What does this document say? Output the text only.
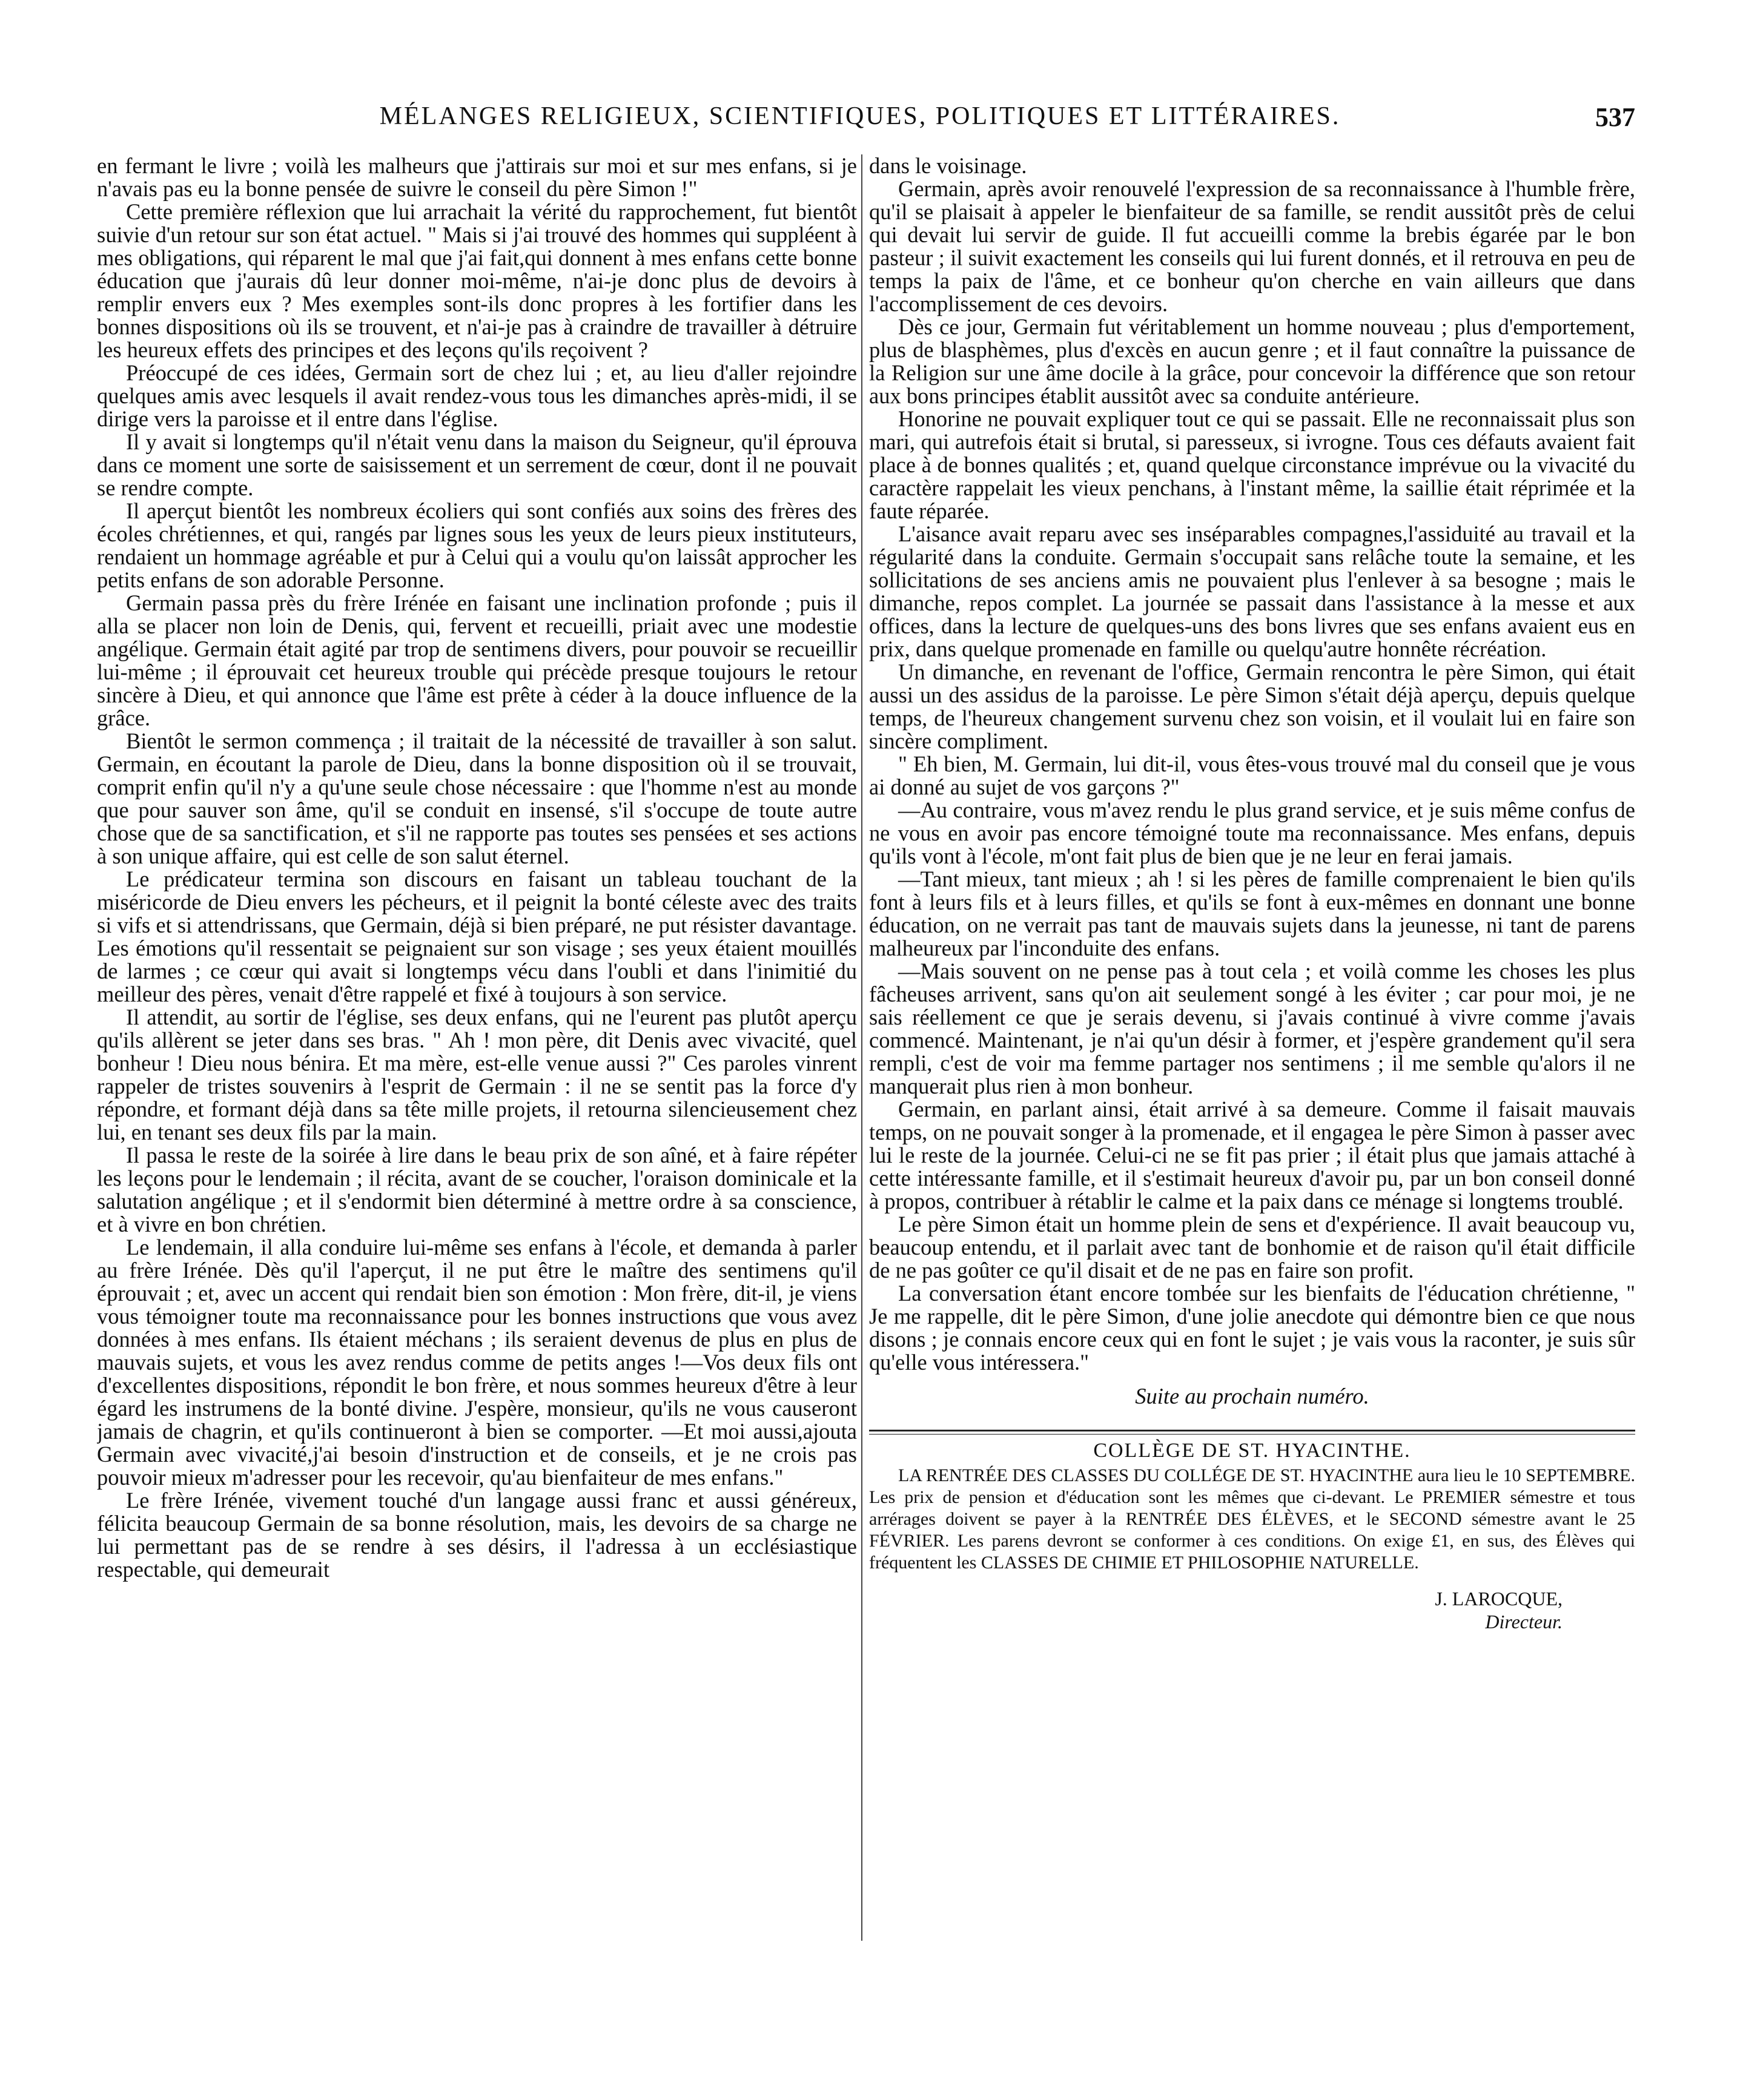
MÉLANGES RELIGIEUX, SCIENTIFIQUES, POLITIQUES ET LITTÉRAIRES.	537

en fermant le livre ; voilà les malheurs que j'attirais sur moi et sur mes enfans, si je n'avais pas eu la bonne pensée de suivre le conseil du père Simon !"

Cette première réflexion que lui arrachait la vérité du rapprochement, fut bientôt suivie d'un retour sur son état actuel. " Mais si j'ai trouvé des hommes qui suppléent à mes obligations, qui réparent le mal que j'ai fait,qui donnent à mes enfans cette bonne éducation que j'aurais dû leur donner moi-même, n'ai-je donc plus de devoirs à remplir envers eux ? Mes exemples sont-ils donc propres à les fortifier dans les bonnes dispositions où ils se trouvent, et n'ai-je pas à craindre de travailler à détruire les heureux effets des principes et des leçons qu'ils reçoivent ?

Préoccupé de ces idées, Germain sort de chez lui ; et, au lieu d'aller rejoindre quelques amis avec lesquels il avait rendez-vous tous les dimanches après-midi, il se dirige vers la paroisse et il entre dans l'église.

Il y avait si longtemps qu'il n'était venu dans la maison du Seigneur, qu'il éprouva dans ce moment une sorte de saisissement et un serrement de cœur, dont il ne pouvait se rendre compte.

Il aperçut bientôt les nombreux écoliers qui sont confiés aux soins des frères des écoles chrétiennes, et qui, rangés par lignes sous les yeux de leurs pieux instituteurs, rendaient un hommage agréable et pur à Celui qui a voulu qu'on laissât approcher les petits enfans de son adorable Personne.

Germain passa près du frère Irénée en faisant une inclination profonde ; puis il alla se placer non loin de Denis, qui, fervent et recueilli, priait avec une modestie angélique. Germain était agité par trop de sentimens divers, pour pouvoir se recueillir lui-même ; il éprouvait cet heureux trouble qui précède presque toujours le retour sincère à Dieu, et qui annonce que l'âme est prête à céder à la douce influence de la grâce.

Bientôt le sermon commença ; il traitait de la nécessité de travailler à son salut. Germain, en écoutant la parole de Dieu, dans la bonne disposition où il se trouvait, comprit enfin qu'il n'y a qu'une seule chose nécessaire : que l'homme n'est au monde que pour sauver son âme, qu'il se conduit en insensé, s'il s'occupe de toute autre chose que de sa sanctification, et s'il ne rapporte pas toutes ses pensées et ses actions à son unique affaire, qui est celle de son salut éternel.

Le prédicateur termina son discours en faisant un tableau touchant de la miséricorde de Dieu envers les pécheurs, et il peignit la bonté céleste avec des traits si vifs et si attendrissans, que Germain, déjà si bien préparé, ne put résister davantage. Les émotions qu'il ressentait se peignaient sur son visage ; ses yeux étaient mouillés de larmes ; ce cœur qui avait si longtemps vécu dans l'oubli et dans l'inimitié du meilleur des pères, venait d'être rappelé et fixé à toujours à son service.

Il attendit, au sortir de l'église, ses deux enfans, qui ne l'eurent pas plutôt aperçu qu'ils allèrent se jeter dans ses bras. " Ah ! mon père, dit Denis avec vivacité, quel bonheur ! Dieu nous bénira. Et ma mère, est-elle venue aussi ?" Ces paroles vinrent rappeler de tristes souvenirs à l'esprit de Germain : il ne se sentit pas la force d'y répondre, et formant déjà dans sa tête mille projets, il retourna silencieusement chez lui, en tenant ses deux fils par la main.

Il passa le reste de la soirée à lire dans le beau prix de son aîné, et à faire répéter les leçons pour le lendemain ; il récita, avant de se coucher, l'oraison dominicale et la salutation angélique ; et il s'endormit bien déterminé à mettre ordre à sa conscience, et à vivre en bon chrétien.

Le lendemain, il alla conduire lui-même ses enfans à l'école, et demanda à parler au frère Irénée. Dès qu'il l'aperçut, il ne put être le maître des sentimens qu'il éprouvait ; et, avec un accent qui rendait bien son émotion : Mon frère, dit-il, je viens vous témoigner toute ma reconnaissance pour les bonnes instructions que vous avez données à mes enfans. Ils étaient méchans ; ils seraient devenus de plus en plus de mauvais sujets, et vous les avez rendus comme de petits anges !—Vos deux fils ont d'excellentes dispositions, répondit le bon frère, et nous sommes heureux d'être à leur égard les instrumens de la bonté divine. J'espère, monsieur, qu'ils ne vous causeront jamais de chagrin, et qu'ils continueront à bien se comporter. —Et moi aussi,ajouta Germain avec vivacité,j'ai besoin d'instruction et de conseils, et je ne crois pas pouvoir mieux m'adresser pour les recevoir, qu'au bienfaiteur de mes enfans."

Le frère Irénée, vivement touché d'un langage aussi franc et aussi généreux, félicita beaucoup Germain de sa bonne résolution, mais, les devoirs de sa charge ne lui permettant pas de se rendre à ses désirs, il l'adressa à un ecclésiastique respectable, qui demeurait

dans le voisinage.

Germain, après avoir renouvelé l'expression de sa reconnaissance à l'humble frère, qu'il se plaisait à appeler le bienfaiteur de sa famille, se rendit aussitôt près de celui qui devait lui servir de guide. Il fut accueilli comme la brebis égarée par le bon pasteur ; il suivit exactement les conseils qui lui furent donnés, et il retrouva en peu de temps la paix de l'âme, et ce bonheur qu'on cherche en vain ailleurs que dans l'accomplissement de ces devoirs.

Dès ce jour, Germain fut véritablement un homme nouveau ; plus d'emportement, plus de blasphèmes, plus d'excès en aucun genre ; et il faut connaître la puissance de la Religion sur une âme docile à la grâce, pour concevoir la différence que son retour aux bons principes établit aussitôt avec sa conduite antérieure.

Honorine ne pouvait expliquer tout ce qui se passait. Elle ne reconnaissait plus son mari, qui autrefois était si brutal, si paresseux, si ivrogne. Tous ces défauts avaient fait place à de bonnes qualités ; et, quand quelque circonstance imprévue ou la vivacité du caractère rappelait les vieux penchans, à l'instant même, la saillie était réprimée et la faute réparée.

L'aisance avait reparu avec ses inséparables compagnes,l'assiduité au travail et la régularité dans la conduite. Germain s'occupait sans relâche toute la semaine, et les sollicitations de ses anciens amis ne pouvaient plus l'enlever à sa besogne ; mais le dimanche, repos complet. La journée se passait dans l'assistance à la messe et aux offices, dans la lecture de quelques-uns des bons livres que ses enfans avaient eus en prix, dans quelque promenade en famille ou quelqu'autre honnête récréation.

Un dimanche, en revenant de l'office, Germain rencontra le père Simon, qui était aussi un des assidus de la paroisse. Le père Simon s'était déjà aperçu, depuis quelque temps, de l'heureux changement survenu chez son voisin, et il voulait lui en faire son sincère compliment.

" Eh bien, M. Germain, lui dit-il, vous êtes-vous trouvé mal du conseil que je vous ai donné au sujet de vos garçons ?"

—Au contraire, vous m'avez rendu le plus grand service, et je suis même confus de ne vous en avoir pas encore témoigné toute ma reconnaissance. Mes enfans, depuis qu'ils vont à l'école, m'ont fait plus de bien que je ne leur en ferai jamais.

—Tant mieux, tant mieux ; ah ! si les pères de famille comprenaient le bien qu'ils font à leurs fils et à leurs filles, et qu'ils se font à eux-mêmes en donnant une bonne éducation, on ne verrait pas tant de mauvais sujets dans la jeunesse, ni tant de parens malheureux par l'inconduite des enfans.

—Mais souvent on ne pense pas à tout cela ; et voilà comme les choses les plus fâcheuses arrivent, sans qu'on ait seulement songé à les éviter ; car pour moi, je ne sais réellement ce que je serais devenu, si j'avais continué à vivre comme j'avais commencé. Maintenant, je n'ai qu'un désir à former, et j'espère grandement qu'il sera rempli, c'est de voir ma femme partager nos sentimens ; il me semble qu'alors il ne manquerait plus rien à mon bonheur.

Germain, en parlant ainsi, était arrivé à sa demeure. Comme il faisait mauvais temps, on ne pouvait songer à la promenade, et il engagea le père Simon à passer avec lui le reste de la journée. Celui-ci ne se fit pas prier ; il était plus que jamais attaché à cette intéressante famille, et il s'estimait heureux d'avoir pu, par un bon conseil donné à propos, contribuer à rétablir le calme et la paix dans ce ménage si longtems troublé.

Le père Simon était un homme plein de sens et d'expérience. Il avait beaucoup vu, beaucoup entendu, et il parlait avec tant de bonhomie et de raison qu'il était difficile de ne pas goûter ce qu'il disait et de ne pas en faire son profit.

La conversation étant encore tombée sur les bienfaits de l'éducation chrétienne, " Je me rappelle, dit le père Simon, d'une jolie anecdote qui démontre bien ce que nous disons ; je connais encore ceux qui en font le sujet ; je vais vous la raconter, je suis sûr qu'elle vous intéressera."

Suite au prochain numéro.

COLLÈGE DE ST. HYACINTHE.
LA RENTRÉE DES CLASSES DU COLLÉGE DE ST. HYACINTHE aura lieu le 10 SEPTEMBRE. Les prix de pension et d'éducation sont les mêmes que ci-devant. Le PREMIER sémestre et tous arrérages doivent se payer à la RENTRÉE DES ÉLÈVES, et le SECOND sémestre avant le 25 FÉVRIER. Les parens devront se conformer à ces conditions. On exige £1, en sus, des Élèves qui fréquentent les CLASSES DE CHIMIE ET PHILOSOPHIE NATURELLE.
J. LAROCQUE,
Directeur.
